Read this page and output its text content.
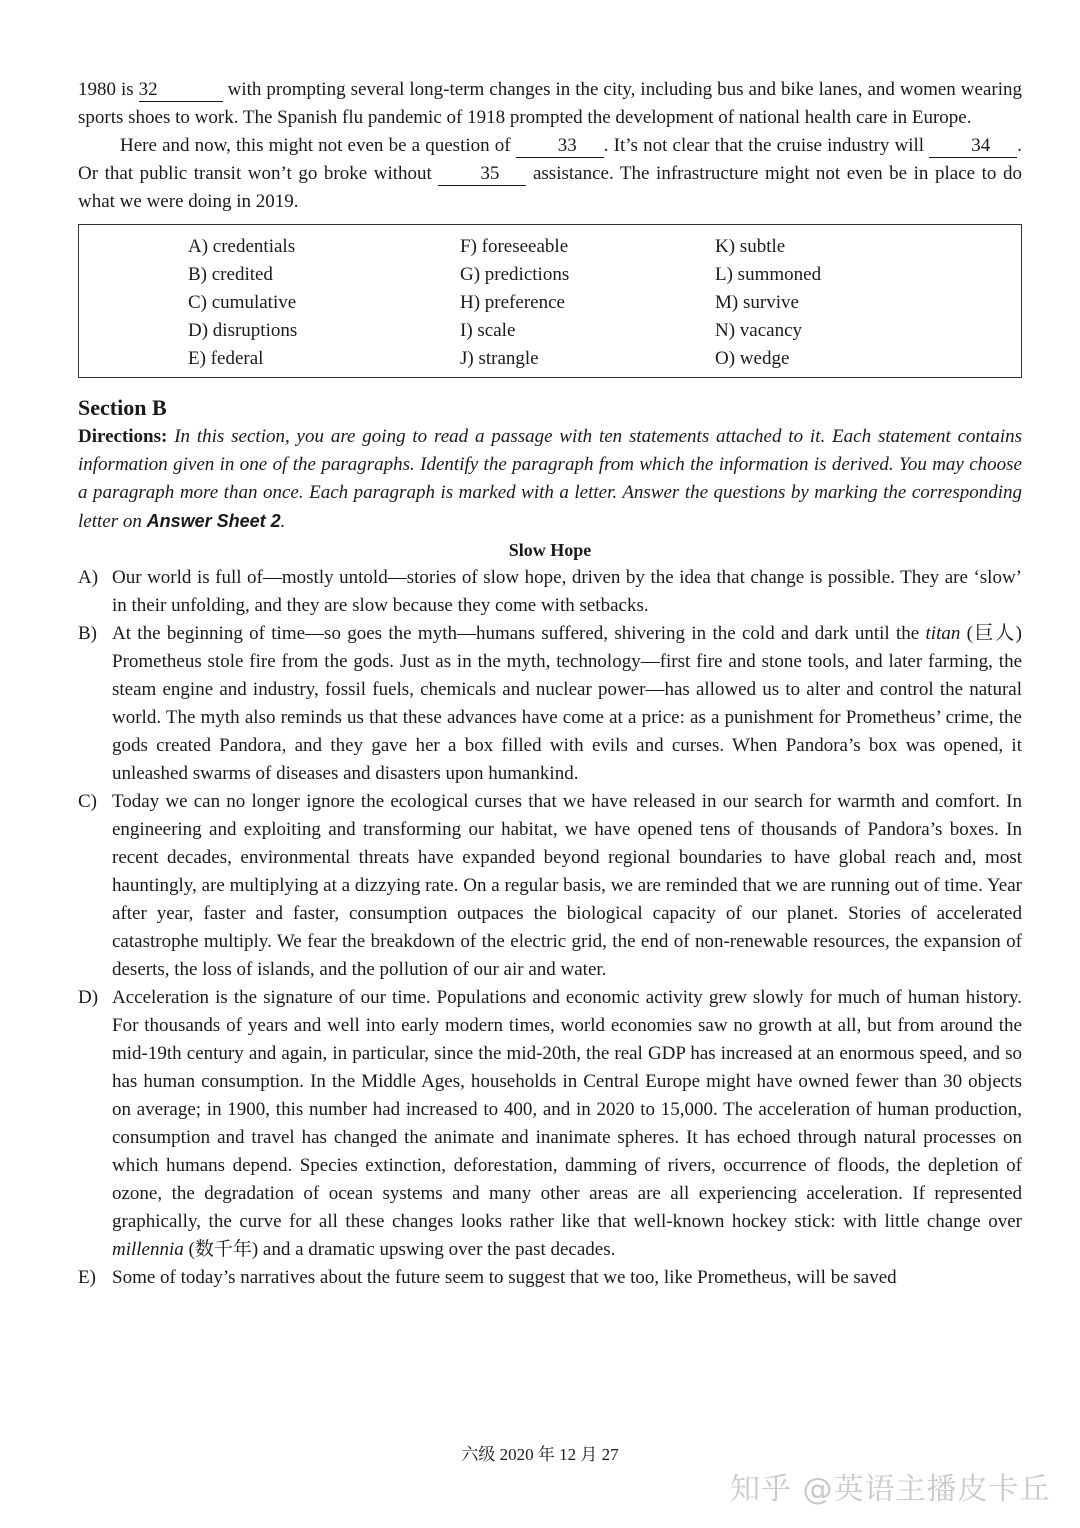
1980 is 32	with prompting several long-term changes in the city, including bus and bike lanes, and women wearing sports shoes to work. The Spanish flu pandemic of 1918 prompted the development of national health care in Europe.

Here and now, this might not even be a question of 33 . It’s not clear that the cruise industry will 34 . Or that public transit won’t go broke without 35 assistance. The infrastructure might not even be in place to do what we were doing in 2019.

A) credentials
B) credited
C) cumulative
D) disruptions
E) federal
F) foreseeable
G) predictions
H) preference
I) scale
J) strangle
K) subtle
L) summoned
M) survive
N) vacancy
O) wedge
Section B

Directions: In this section, you are going to read a passage with ten statements attached to it. Each statement contains information given in one of the paragraphs. Identify the paragraph from which the information is derived. You may choose a paragraph more than once. Each paragraph is marked with a letter. Answer the questions by marking the corresponding letter on Answer Sheet 2.

Slow Hope
A) Our world is full of—mostly untold—stories of slow hope, driven by the idea that change is possible. They are ‘slow’ in their unfolding, and they are slow because they come with setbacks.

B) At the beginning of time—so goes the myth—humans suffered, shivering in the cold and dark until the titan (巨人) Prometheus stole fire from the gods. Just as in the myth, technology—first fire and stone tools, and later farming, the steam engine and industry, fossil fuels, chemicals and nuclear power—has allowed us to alter and control the natural world. The myth also reminds us that these advances have come at a price: as a punishment for Prometheus’ crime, the gods created Pandora, and they gave her a box filled with evils and curses. When Pandora’s box was opened, it unleashed swarms of diseases and disasters upon humankind.

C) Today we can no longer ignore the ecological curses that we have released in our search for warmth and comfort. In engineering and exploiting and transforming our habitat, we have opened tens of thousands of Pandora’s boxes. In recent decades, environmental threats have expanded beyond regional boundaries to have global reach and, most hauntingly, are multiplying at a dizzying rate. On a regular basis, we are reminded that we are running out of time. Year after year, faster and faster, consumption outpaces the biological capacity of our planet. Stories of accelerated catastrophe multiply. We fear the breakdown of the electric grid, the end of non-renewable resources, the expansion of deserts, the loss of islands, and the pollution of our air and water.

D) Acceleration is the signature of our time. Populations and economic activity grew slowly for much of human history. For thousands of years and well into early modern times, world economies saw no growth at all, but from around the mid-19th century and again, in particular, since the mid-20th, the real GDP has increased at an enormous speed, and so has human consumption. In the Middle Ages, households in Central Europe might have owned fewer than 30 objects on average; in 1900, this number had increased to 400, and in 2020 to 15,000. The acceleration of human production, consumption and travel has changed the animate and inanimate spheres. It has echoed through natural processes on which humans depend. Species extinction, deforestation, damming of rivers, occurrence of floods, the depletion of ozone, the degradation of ocean systems and many other areas are all experiencing acceleration. If represented graphically, the curve for all these changes looks rather like that well-known hockey stick: with little change over millennia (数千年) and a dramatic upswing over the past decades.

E) Some of today’s narratives about the future seem to suggest that we too, like Prometheus, will be saved

六级 2020 年 12 月 27
知乎 @英语主播皮卡丘
